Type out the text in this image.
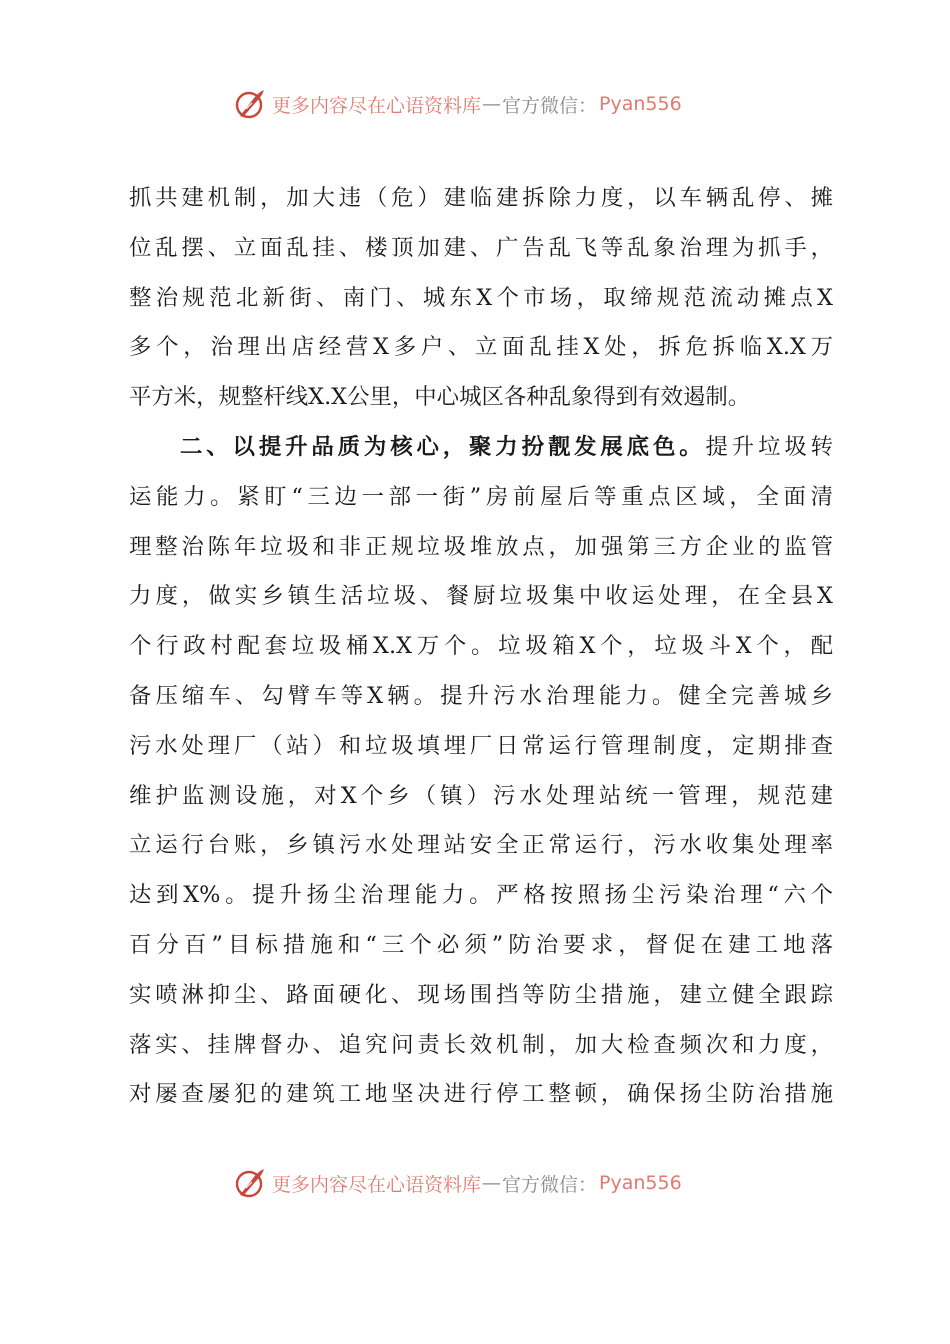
更多内容尽在心语资料库 — 官方微信： Pyan556
抓共建机制，加大违（危）建临建拆除力度，以车辆乱停、摊
位乱摆、立面乱挂、楼顶加建、广告乱飞等乱象治理为抓手，
整治规范北新街、南门、城东X个市场，取缔规范流动摊点X
多个，治理出店经营X多户、立面乱挂X处，拆危拆临X.X万
平方米，规整杆线X.X公里，中心城区各种乱象得到有效遏制。
二、以提升品质为核心，聚力扮靓发展底色。提升垃圾转
运能力。紧盯“三边一部一街”房前屋后等重点区域，全面清
理整治陈年垃圾和非正规垃圾堆放点，加强第三方企业的监管
力度，做实乡镇生活垃圾、餐厨垃圾集中收运处理，在全县X
个行政村配套垃圾桶X.X万个。垃圾箱X个，垃圾斗X个，配
备压缩车、勾臂车等X辆。提升污水治理能力。健全完善城乡
污水处理厂（站）和垃圾填埋厂日常运行管理制度，定期排查
维护监测设施，对X个乡（镇）污水处理站统一管理，规范建
立运行台账，乡镇污水处理站安全正常运行，污水收集处理率
达到X%。提升扬尘治理能力。严格按照扬尘污染治理“六个
百分百”目标措施和“三个必须”防治要求，督促在建工地落
实喷淋抑尘、路面硬化、现场围挡等防尘措施，建立健全跟踪
落实、挂牌督办、追究问责长效机制，加大检查频次和力度，
对屡查屡犯的建筑工地坚决进行停工整顿，确保扬尘防治措施
更多内容尽在心语资料库 — 官方微信： Pyan556
